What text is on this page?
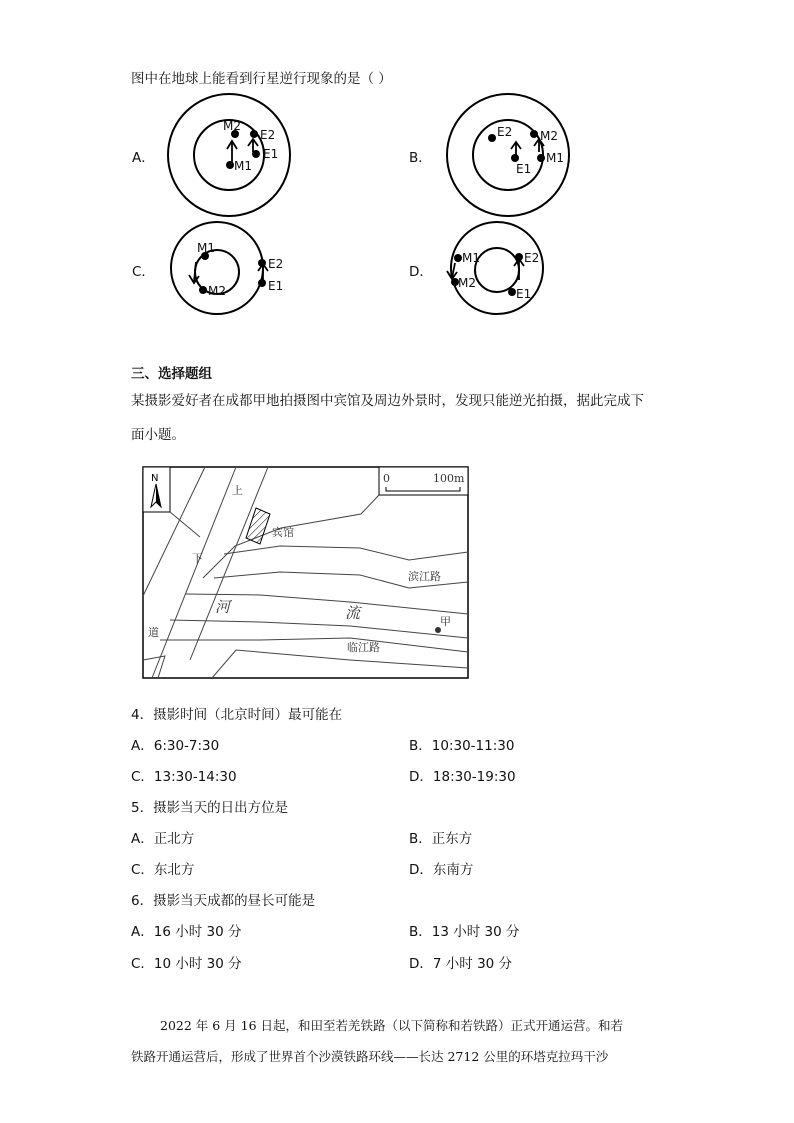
图中在地球上能看到行星逆行现象的是（ ）
A．
M2
E2
E1
M1	B．
E2 M2
M1
E1
C．
M1
E2
E1
M2
D．
M1	E2
M2
E1
三、选择题组
某摄影爱好者在成都甲地拍摄图中宾馆及周边外景时，发现只能逆光拍摄，据此完成下
面小题。
N	0	100m
宾馆
上
下
道
滨江路
临江路
河	流	甲
4．摄影时间（北京时间）最可能在
A．6:30-7:30	B．10:30-11:30
C．13:30-14:30	D．18:30-19:30
5．摄影当天的日出方位是
A．正北方	B．正东方
C．东北方	D．东南方
6．摄影当天成都的昼长可能是
A．16 小时 30 分	B．13 小时 30 分
C．10 小时 30 分	D．7 小时 30 分
2022 年 6 月 16 日起，和田至若羌铁路（以下简称和若铁路）正式开通运营。和若
铁路开通运营后，形成了世界首个沙漠铁路环线——长达 2712 公里的环塔克拉玛干沙
